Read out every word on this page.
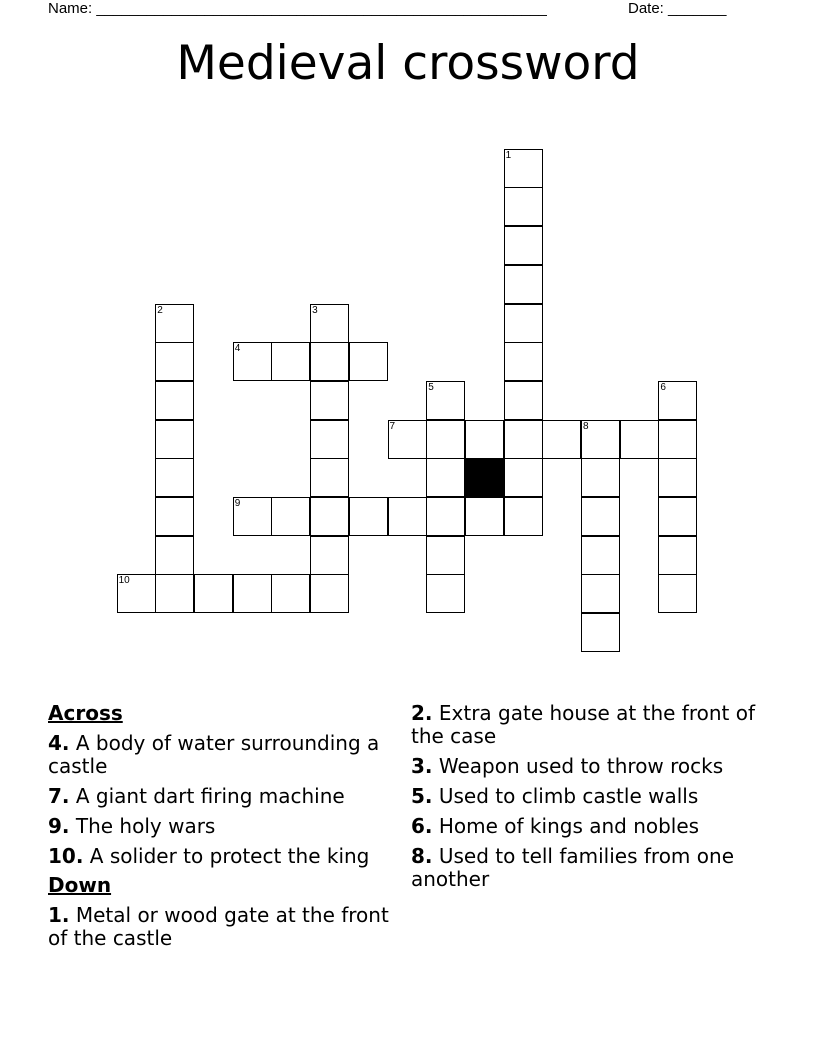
Name: ______________________________________________________	Date: _______
Medieval crossword
1
2	3
4
5	6
7	8
9
10
Across
4. A body of water surrounding a castle
7. A giant dart firing machine
9. The holy wars
10. A solider to protect the king
Down
1. Metal or wood gate at the front of the castle
2. Extra gate house at the front of the case
3. Weapon used to throw rocks
5. Used to climb castle walls
6. Home of kings and nobles
8. Used to tell families from one another
